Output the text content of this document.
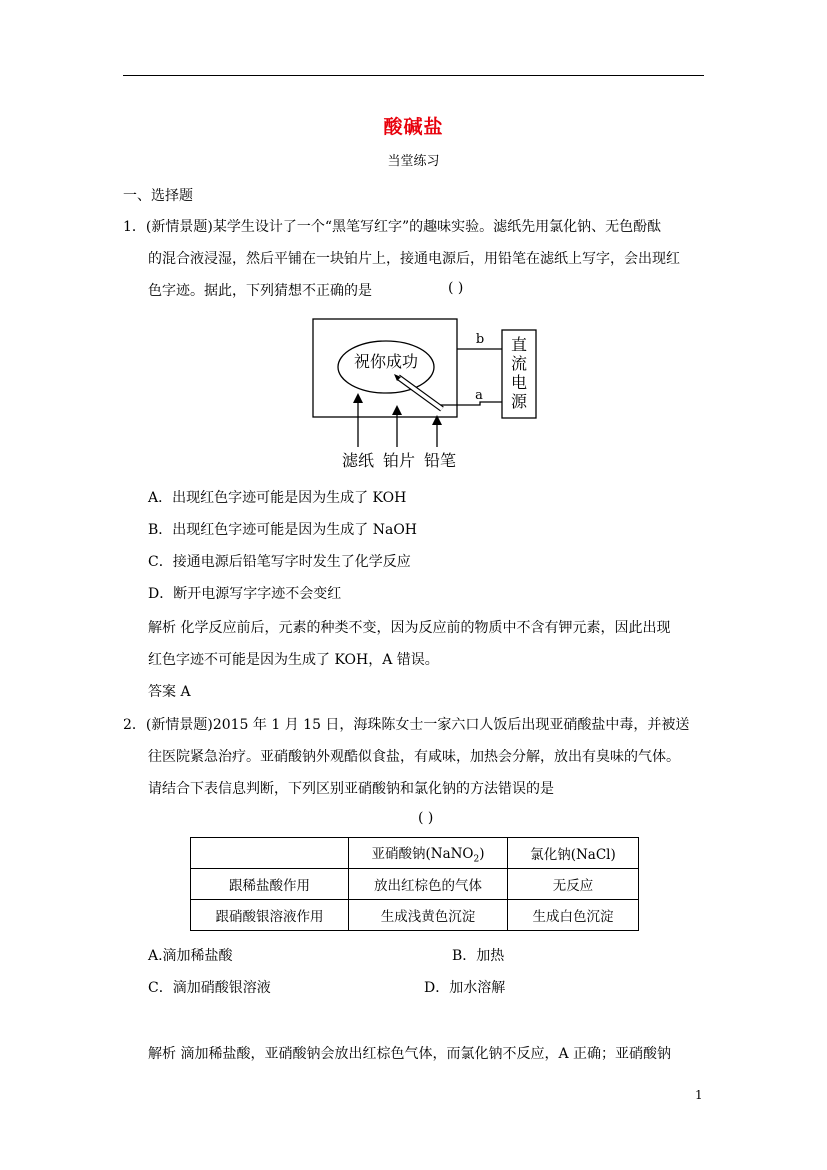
酸碱盐
当堂练习
一、选择题
1．(新情景题)某学生设计了一个“黑笔写红字”的趣味实验。滤纸先用氯化钠、无色酚酞
的混合液浸湿，然后平铺在一块铂片上，接通电源后，用铅笔在滤纸上写字，会出现红
色字迹。据此，下列猜想不正确的是	( )
祝你成功
直
流
电
源
b
a
滤纸 铂片 铅笔
A．出现红色字迹可能是因为生成了 KOH
B．出现红色字迹可能是因为生成了 NaOH
C．接通电源后铅笔写字时发生了化学反应
D．断开电源写字字迹不会变红
解析 化学反应前后，元素的种类不变，因为反应前的物质中不含有钾元素，因此出现
红色字迹不可能是因为生成了 KOH，A 错误。
答案 A
2．(新情景题)2015 年 1 月 15 日，海珠陈女士一家六口人饭后出现亚硝酸盐中毒，并被送
往医院紧急治疗。亚硝酸钠外观酷似食盐，有咸味，加热会分解，放出有臭味的气体。
请结合下表信息判断，下列区别亚硝酸钠和氯化钠的方法错误的是
( )
	亚硝酸钠(NaNO$_2$)	氯化钠(NaCl)
跟稀盐酸作用	放出红棕色的气体	无反应
跟硝酸银溶液作用	生成浅黄色沉淀	生成白色沉淀
A.滴加稀盐酸	B．加热
C．滴加硝酸银溶液	D．加水溶解
解析 滴加稀盐酸，亚硝酸钠会放出红棕色气体，而氯化钠不反应，A 正确；亚硝酸钠
1
